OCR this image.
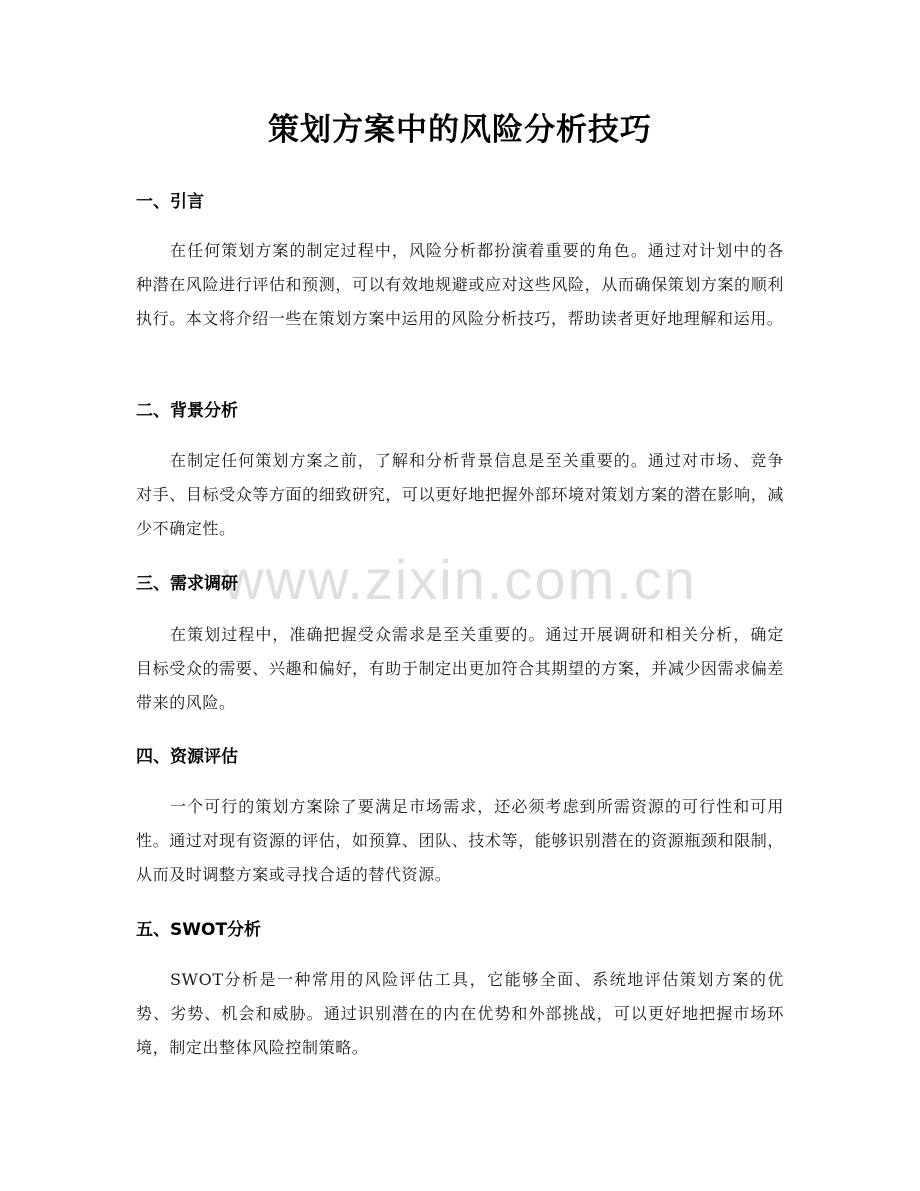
策划方案中的风险分析技巧
一、引言
在任何策划方案的制定过程中，风险分析都扮演着重要的角色。通过对计划中的各种潜在风险进行评估和预测，可以有效地规避或应对这些风险，从而确保策划方案的顺利执行。本文将介绍一些在策划方案中运用的风险分析技巧，帮助读者更好地理解和运用。
二、背景分析
在制定任何策划方案之前，了解和分析背景信息是至关重要的。通过对市场、竞争对手、目标受众等方面的细致研究，可以更好地把握外部环境对策划方案的潜在影响，减少不确定性。
三、需求调研
在策划过程中，准确把握受众需求是至关重要的。通过开展调研和相关分析，确定目标受众的需要、兴趣和偏好，有助于制定出更加符合其期望的方案，并减少因需求偏差带来的风险。
四、资源评估
一个可行的策划方案除了要满足市场需求，还必须考虑到所需资源的可行性和可用性。通过对现有资源的评估，如预算、团队、技术等，能够识别潜在的资源瓶颈和限制，从而及时调整方案或寻找合适的替代资源。
五、SWOT分析
SWOT分析是一种常用的风险评估工具，它能够全面、系统地评估策划方案的优势、劣势、机会和威胁。通过识别潜在的内在优势和外部挑战，可以更好地把握市场环境，制定出整体风险控制策略。
www.zixin.com.cn
